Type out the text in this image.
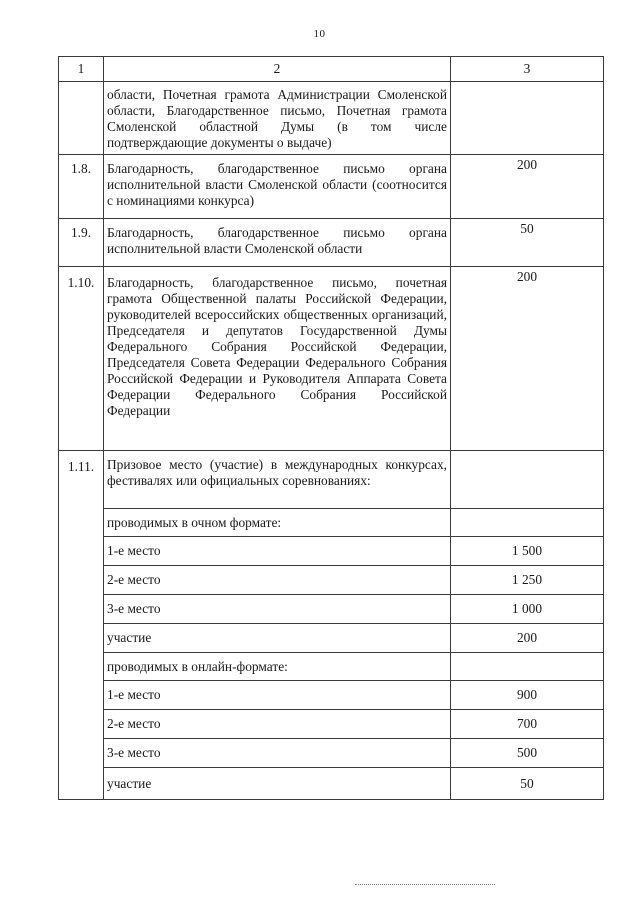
10
1	2	3
	области, Почетная грамота Администрации Смоленской области, Благодарственное письмо, Почетная грамота Смоленской областной Думы (в том числе подтверждающие документы о выдаче)	
1.8.	Благодарность, благодарственное письмо органа исполнительной власти Смоленской области (соотносится с номинациями конкурса)	200
1.9.	Благодарность, благодарственное письмо органа исполнительной власти Смоленской области	50
1.10.	Благодарность, благодарственное письмо, почетная грамота Общественной палаты Российской Федерации, руководителей всероссийских общественных организаций, Председателя и депутатов Государственной Думы Федерального Собрания Российской Федерации, Председателя Совета Федерации Федерального Собрания Российской Федерации и Руководителя Аппарата Совета Федерации Федерального Собрания Российской Федерации	200
1.11.	Призовое место (участие) в международных конкурсах, фестивалях или официальных соревнованиях:	
	проводимых в очном формате:	
	1-е место	1 500
	2-е место	1 250
	3-е место	1 000
	участие	200
	проводимых в онлайн-формате:	
	1-е место	900
	2-е место	700
	3-е место	500
	участие	50
